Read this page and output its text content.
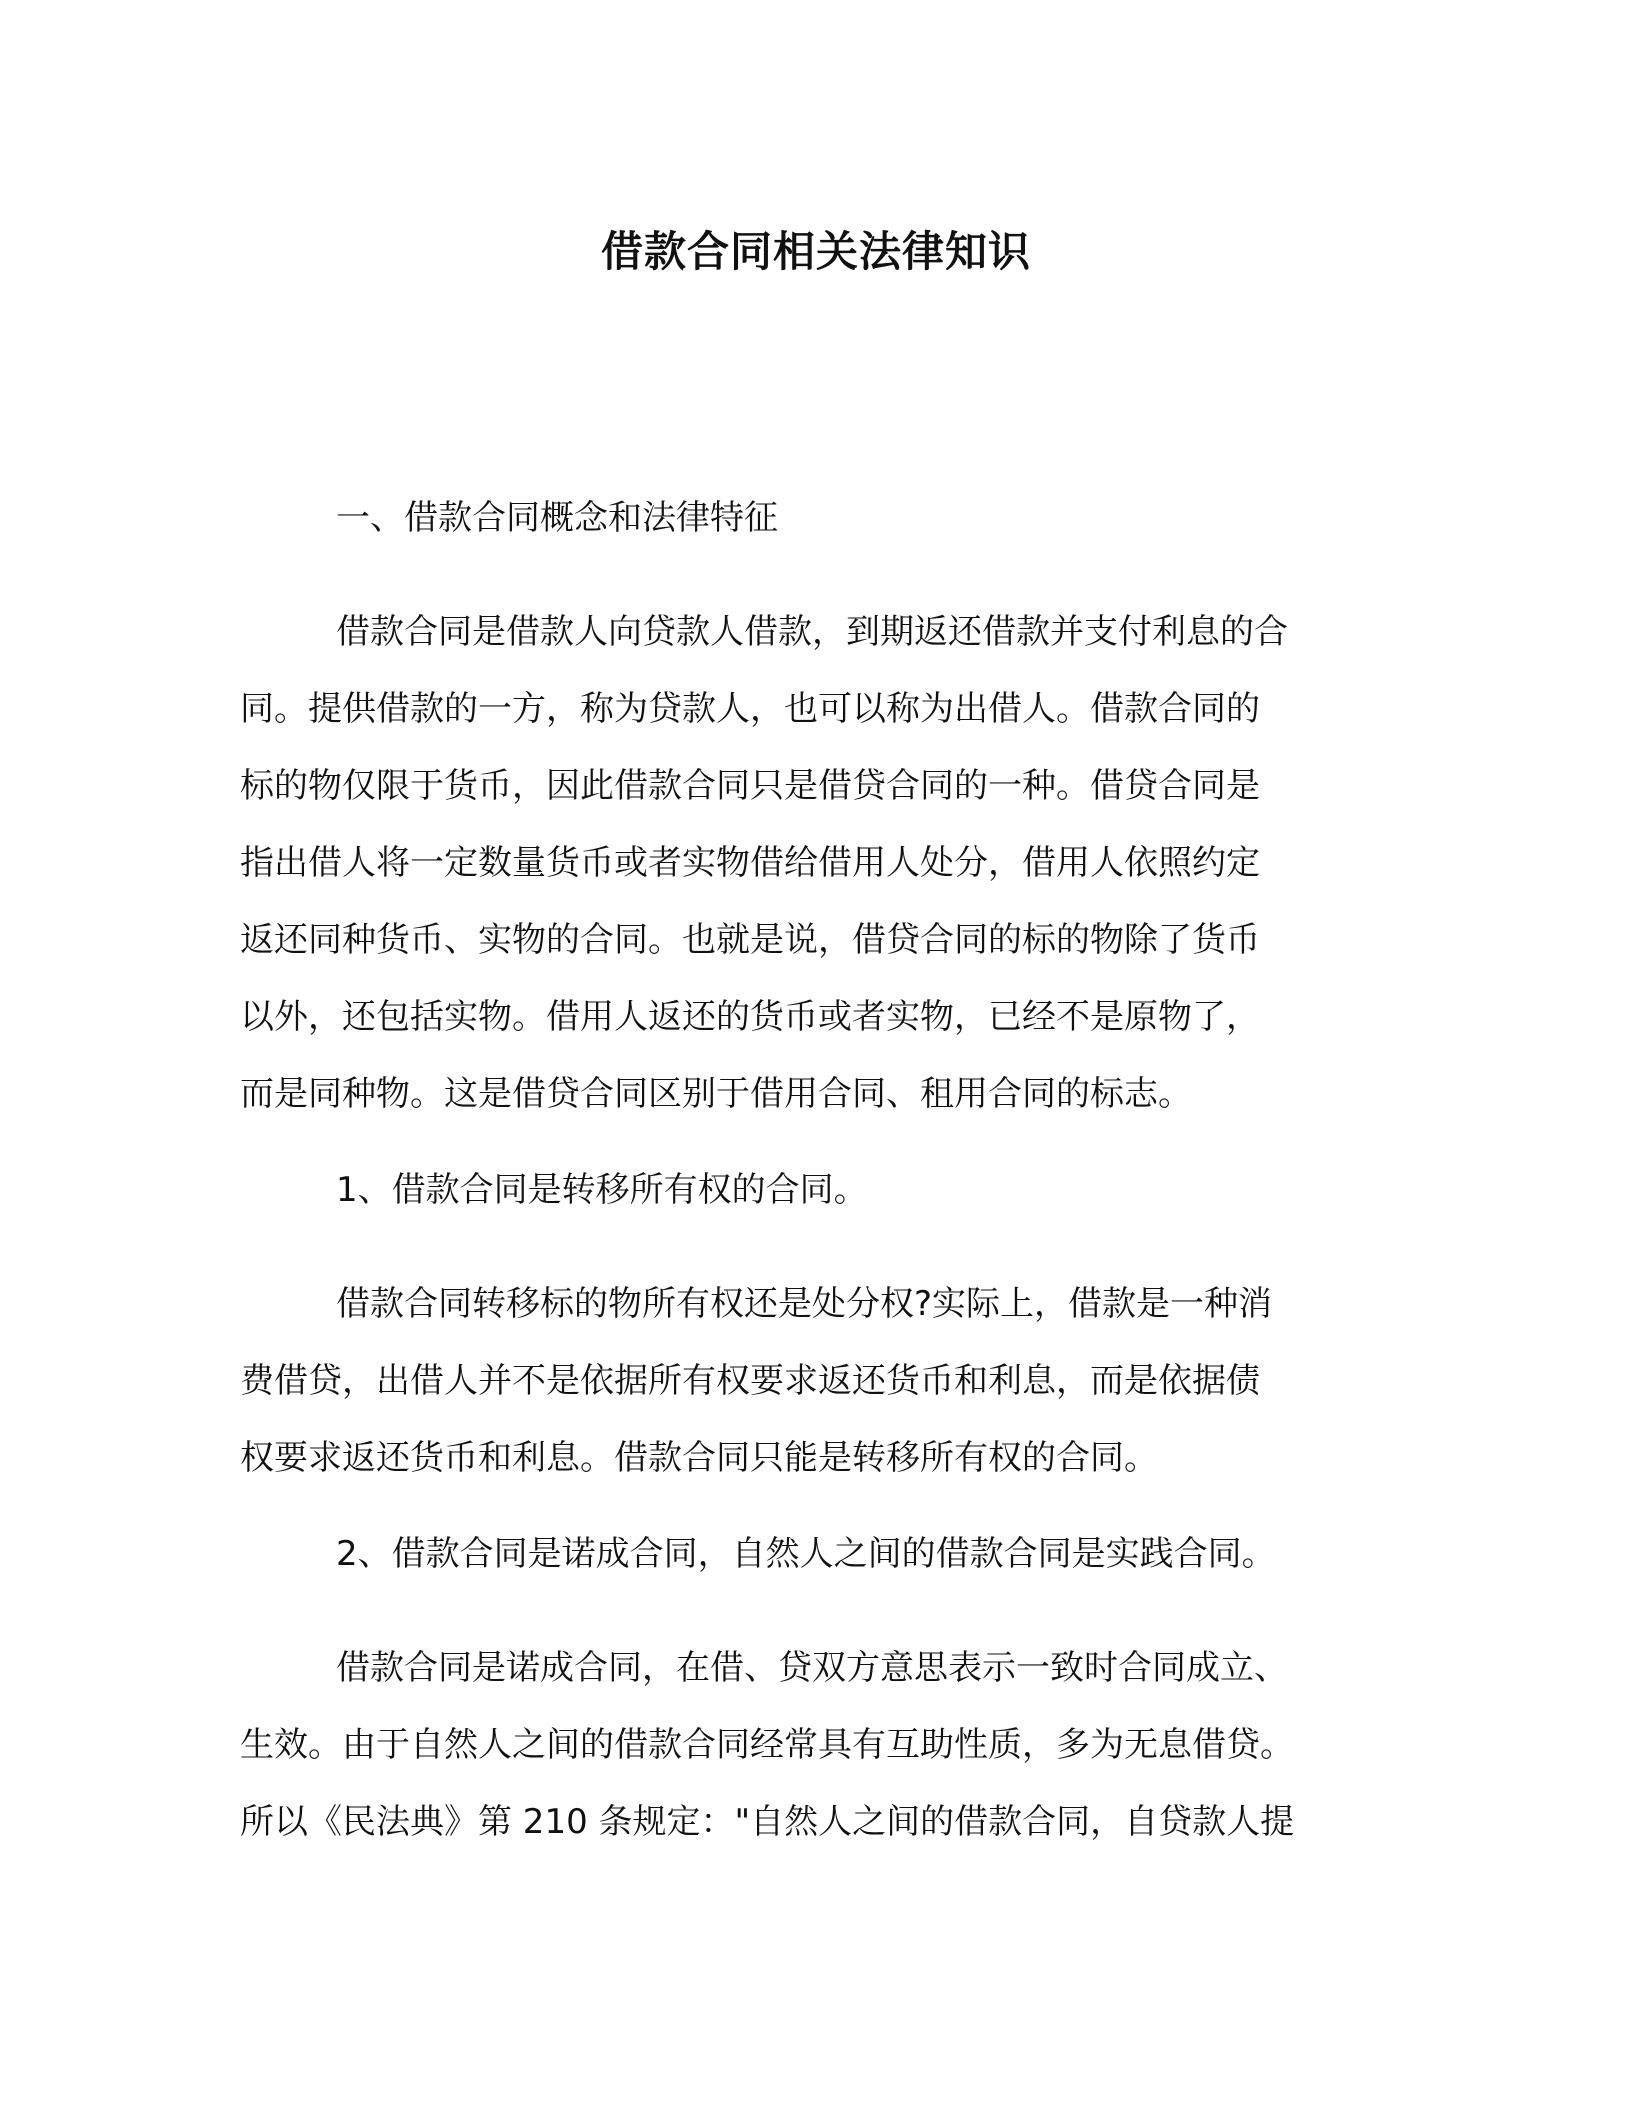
借款合同相关法律知识

一、借款合同概念和法律特征

借款合同是借款人向贷款人借款，到期返还借款并支付利息的合
同。提供借款的一方，称为贷款人，也可以称为出借人。借款合同的
标的物仅限于货币，因此借款合同只是借贷合同的一种。借贷合同是
指出借人将一定数量货币或者实物借给借用人处分，借用人依照约定
返还同种货币、实物的合同。也就是说，借贷合同的标的物除了货币
以外，还包括实物。借用人返还的货币或者实物，已经不是原物了，
而是同种物。这是借贷合同区别于借用合同、租用合同的标志。

1、借款合同是转移所有权的合同。

借款合同转移标的物所有权还是处分权?实际上，借款是一种消
费借贷，出借人并不是依据所有权要求返还货币和利息，而是依据债
权要求返还货币和利息。借款合同只能是转移所有权的合同。

2、借款合同是诺成合同，自然人之间的借款合同是实践合同。

借款合同是诺成合同，在借、贷双方意思表示一致时合同成立、
生效。由于自然人之间的借款合同经常具有互助性质，多为无息借贷。
所以《民法典》第 210 条规定："自然人之间的借款合同，自贷款人提
